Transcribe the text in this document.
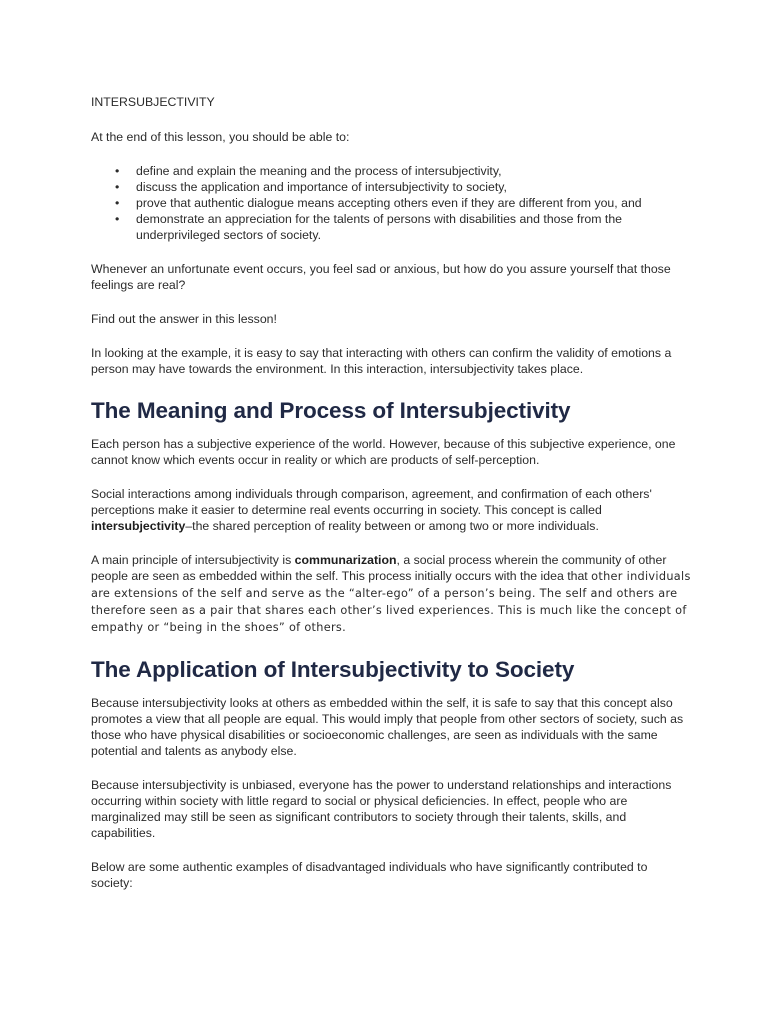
INTERSUBJECTIVITY

At the end of this lesson, you should be able to:

• define and explain the meaning and the process of intersubjectivity,
• discuss the application and importance of intersubjectivity to society,
• prove that authentic dialogue means accepting others even if they are different from you, and
• demonstrate an appreciation for the talents of persons with disabilities and those from the underprivileged sectors of society.

Whenever an unfortunate event occurs, you feel sad or anxious, but how do you assure yourself that those feelings are real?

Find out the answer in this lesson!

In looking at the example, it is easy to say that interacting with others can confirm the validity of emotions a person may have towards the environment. In this interaction, intersubjectivity takes place.

The Meaning and Process of Intersubjectivity

Each person has a subjective experience of the world. However, because of this subjective experience, one cannot know which events occur in reality or which are products of self-perception.

Social interactions among individuals through comparison, agreement, and confirmation of each others' perceptions make it easier to determine real events occurring in society. This concept is called intersubjectivity–the shared perception of reality between or among two or more individuals.

A main principle of intersubjectivity is communarization, a social process wherein the community of other people are seen as embedded within the self. This process initially occurs with the idea that other individuals are extensions of the self and serve as the “alter-ego” of a person’s being. The self and others are therefore seen as a pair that shares each other’s lived experiences. This is much like the concept of empathy or “being in the shoes” of others.

The Application of Intersubjectivity to Society

Because intersubjectivity looks at others as embedded within the self, it is safe to say that this concept also promotes a view that all people are equal. This would imply that people from other sectors of society, such as those who have physical disabilities or socioeconomic challenges, are seen as individuals with the same potential and talents as anybody else.

Because intersubjectivity is unbiased, everyone has the power to understand relationships and interactions occurring within society with little regard to social or physical deficiencies. In effect, people who are marginalized may still be seen as significant contributors to society through their talents, skills, and capabilities.

Below are some authentic examples of disadvantaged individuals who have significantly contributed to society:
